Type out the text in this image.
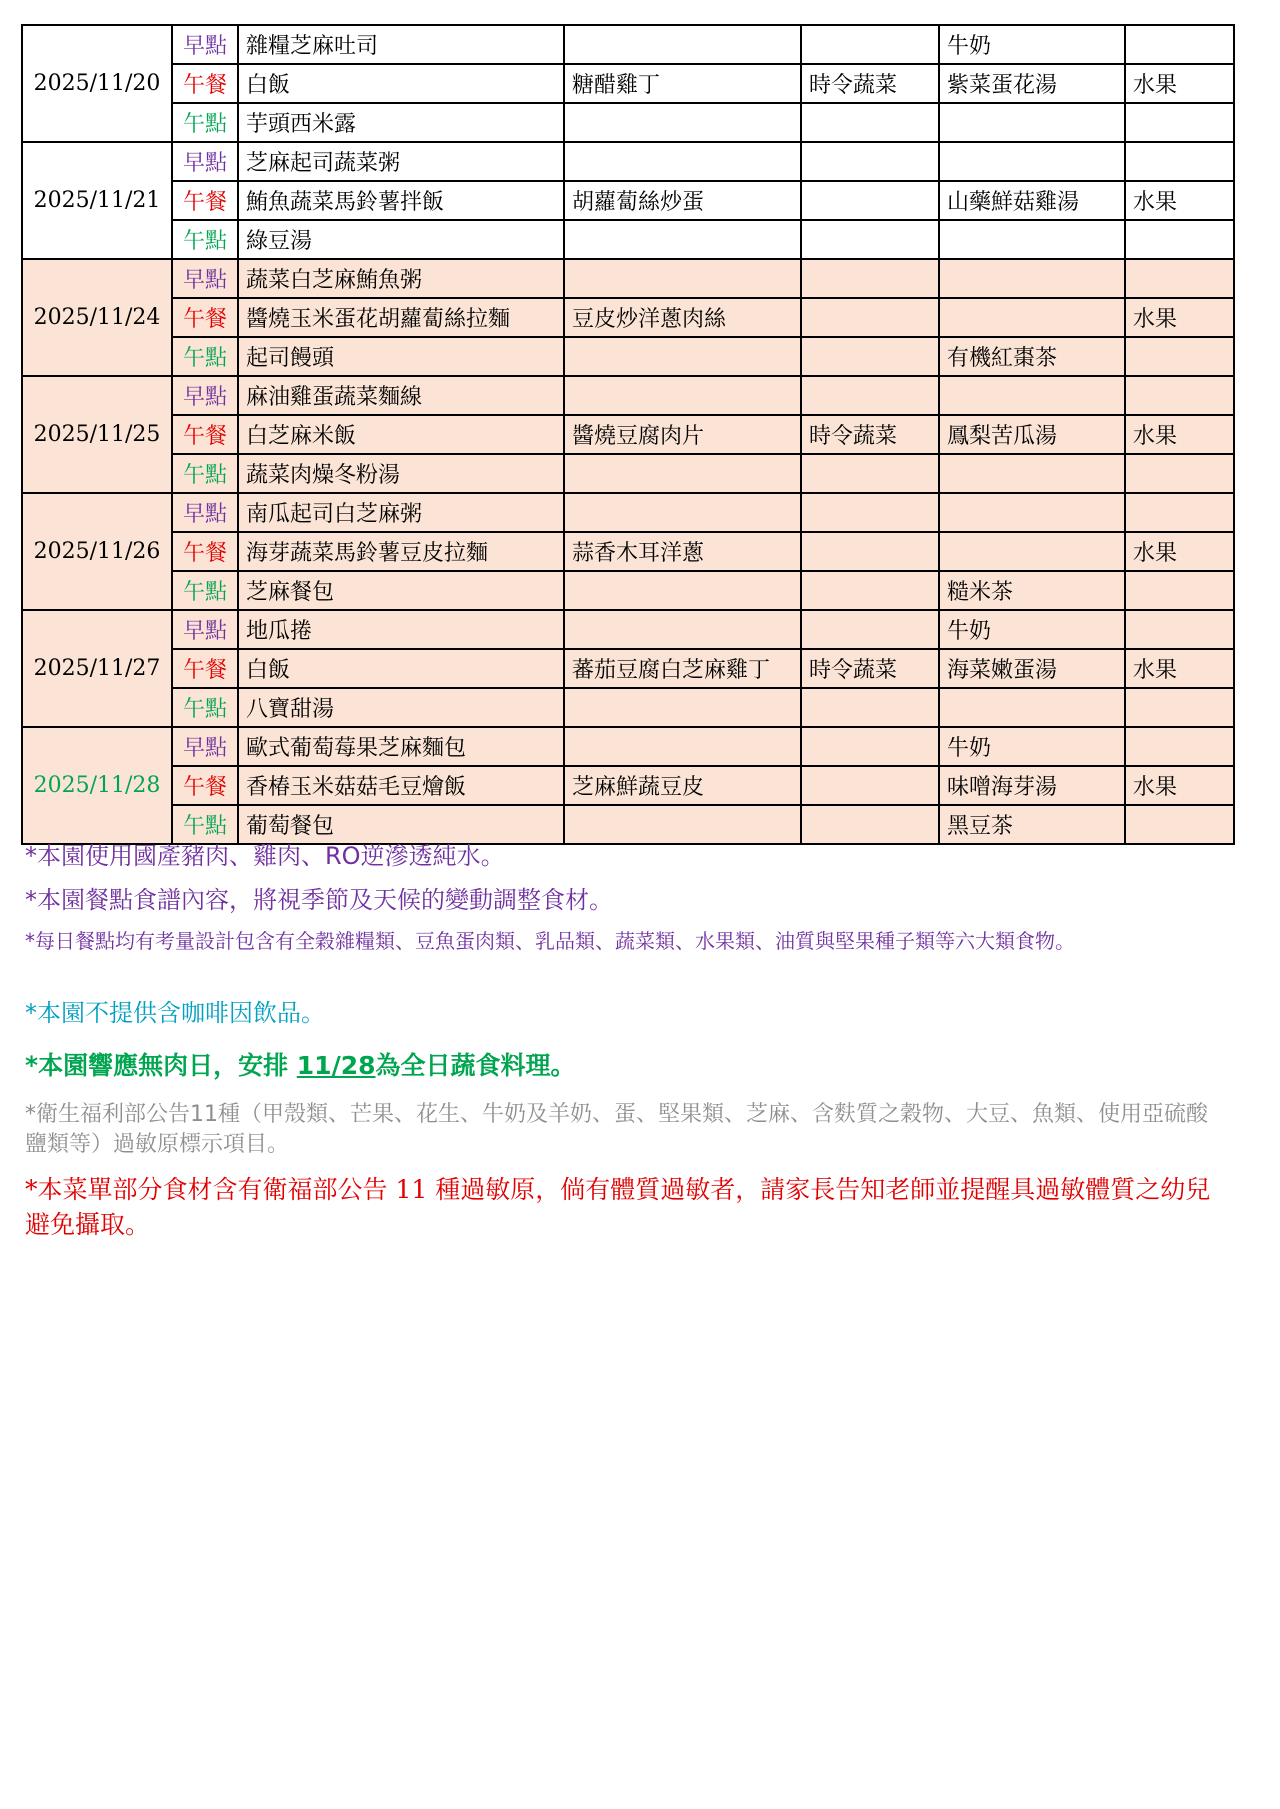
2025/11/20	早點	雜糧芝麻吐司			牛奶	
	午餐	白飯	糖醋雞丁	時令蔬菜	紫菜蛋花湯	水果
	午點	芋頭西米露				
2025/11/21	早點	芝麻起司蔬菜粥				
	午餐	鮪魚蔬菜馬鈴薯拌飯	胡蘿蔔絲炒蛋		山藥鮮菇雞湯	水果
	午點	綠豆湯				
2025/11/24	早點	蔬菜白芝麻鮪魚粥				
	午餐	醬燒玉米蛋花胡蘿蔔絲拉麵	豆皮炒洋蔥肉絲			水果
	午點	起司饅頭			有機紅棗茶	
2025/11/25	早點	麻油雞蛋蔬菜麵線				
	午餐	白芝麻米飯	醬燒豆腐肉片	時令蔬菜	鳳梨苦瓜湯	水果
	午點	蔬菜肉燥冬粉湯				
2025/11/26	早點	南瓜起司白芝麻粥				
	午餐	海芽蔬菜馬鈴薯豆皮拉麵	蒜香木耳洋蔥			水果
	午點	芝麻餐包			糙米茶	
2025/11/27	早點	地瓜捲			牛奶	
	午餐	白飯	蕃茄豆腐白芝麻雞丁	時令蔬菜	海菜嫩蛋湯	水果
	午點	八寶甜湯				
2025/11/28	早點	歐式葡萄莓果芝麻麵包			牛奶	
	午餐	香椿玉米菇菇毛豆燴飯	芝麻鮮蔬豆皮		味噌海芽湯	水果
	午點	葡萄餐包			黑豆茶	

*本園使用國產豬肉、雞肉、RO逆滲透純水。

*本園餐點食譜內容，將視季節及天候的變動調整食材。

*每日餐點均有考量設計包含有全穀雜糧類、豆魚蛋肉類、乳品類、蔬菜類、水果類、油質與堅果種子類等六大類食物。

*本園不提供含咖啡因飲品。

*本園響應無肉日，安排 11/28為全日蔬食料理。

*衛生福利部公告11種（甲殼類、芒果、花生、牛奶及羊奶、蛋、堅果類、芝麻、含麩質之穀物、大豆、魚類、使用亞硫酸鹽類等）過敏原標示項目。

*本菜單部分食材含有衛福部公告 11 種過敏原，倘有體質過敏者，請家長告知老師並提醒具過敏體質之幼兒避免攝取。
